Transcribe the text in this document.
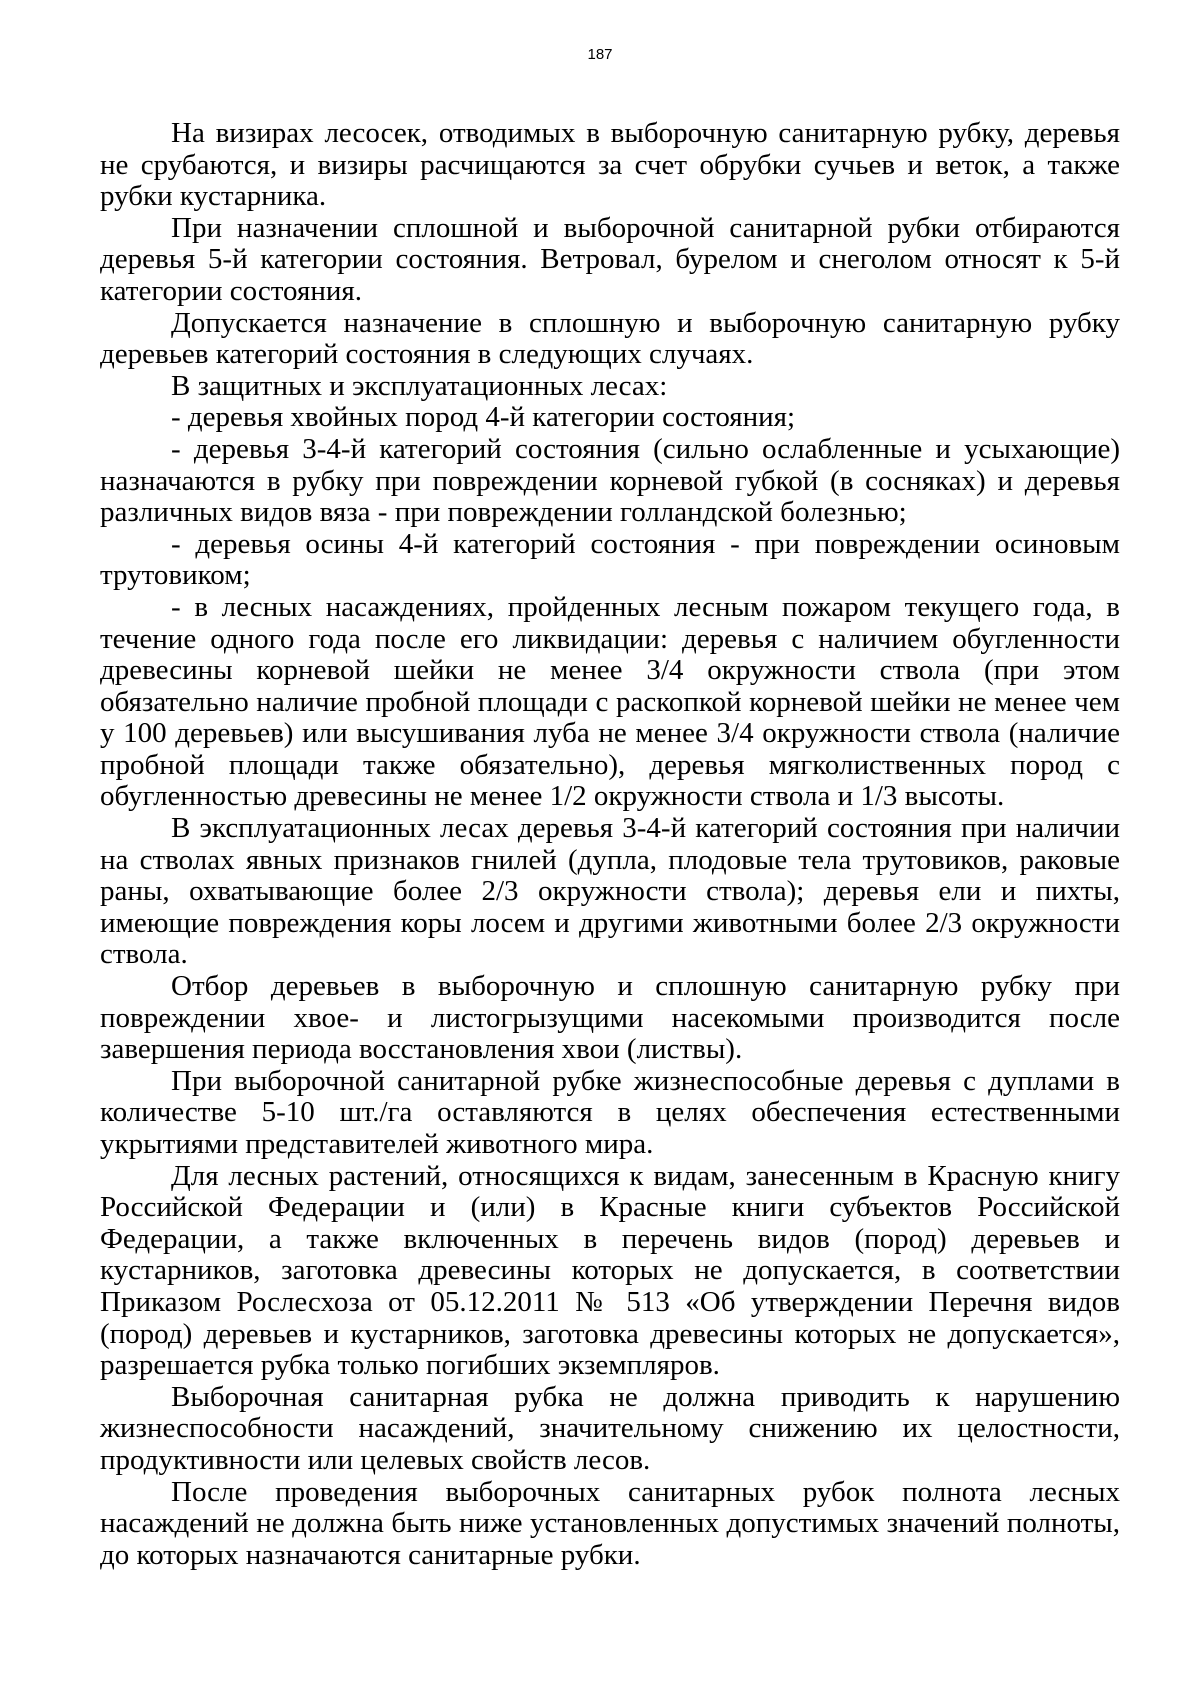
187

На визирах лесосек, отводимых в выборочную санитарную рубку, деревья не срубаются, и визиры расчищаются за счет обрубки сучьев и веток, а также рубки кустарника.

При назначении сплошной и выборочной санитарной рубки отбираются деревья 5-й категории состояния. Ветровал, бурелом и снеголом относят к 5-й категории состояния.

Допускается назначение в сплошную и выборочную санитарную рубку деревьев категорий состояния в следующих случаях.

В защитных и эксплуатационных лесах:

- деревья хвойных пород 4-й категории состояния;

- деревья 3-4-й категорий состояния (сильно ослабленные и усыхающие) назначаются в рубку при повреждении корневой губкой (в сосняках) и деревья различных видов вяза - при повреждении голландской болезнью;

- деревья осины 4-й категорий состояния - при повреждении осиновым трутовиком;

- в лесных насаждениях, пройденных лесным пожаром текущего года, в течение одного года после его ликвидации: деревья с наличием обугленности древесины корневой шейки не менее 3/4 окружности ствола (при этом обязательно наличие пробной площади с раскопкой корневой шейки не менее чем у 100 деревьев) или высушивания луба не менее 3/4 окружности ствола (наличие пробной площади также обязательно), деревья мягколиственных пород с обугленностью древесины не менее 1/2 окружности ствола и 1/3 высоты.

В эксплуатационных лесах деревья 3-4-й категорий состояния при наличии на стволах явных признаков гнилей (дупла, плодовые тела трутовиков, раковые раны, охватывающие более 2/3 окружности ствола); деревья ели и пихты, имеющие повреждения коры лосем и другими животными более 2/3 окружности ствола.

Отбор деревьев в выборочную и сплошную санитарную рубку при повреждении хвое- и листогрызущими насекомыми производится после завершения периода восстановления хвои (листвы).

При выборочной санитарной рубке жизнеспособные деревья с дуплами в количестве 5-10 шт./га оставляются в целях обеспечения естественными укрытиями представителей животного мира.

Для лесных растений, относящихся к видам, занесенным в Красную книгу Российской Федерации и (или) в Красные книги субъектов Российской Федерации, а также включенных в перечень видов (пород) деревьев и кустарников, заготовка древесины которых не допускается, в соответствии Приказом Рослесхоза от 05.12.2011 № 513 «Об утверждении Перечня видов (пород) деревьев и кустарников, заготовка древесины которых не допускается», разрешается рубка только погибших экземпляров.

Выборочная санитарная рубка не должна приводить к нарушению жизнеспособности насаждений, значительному снижению их целостности, продуктивности или целевых свойств лесов.

После проведения выборочных санитарных рубок полнота лесных насаждений не должна быть ниже установленных допустимых значений полноты, до которых назначаются санитарные рубки.
